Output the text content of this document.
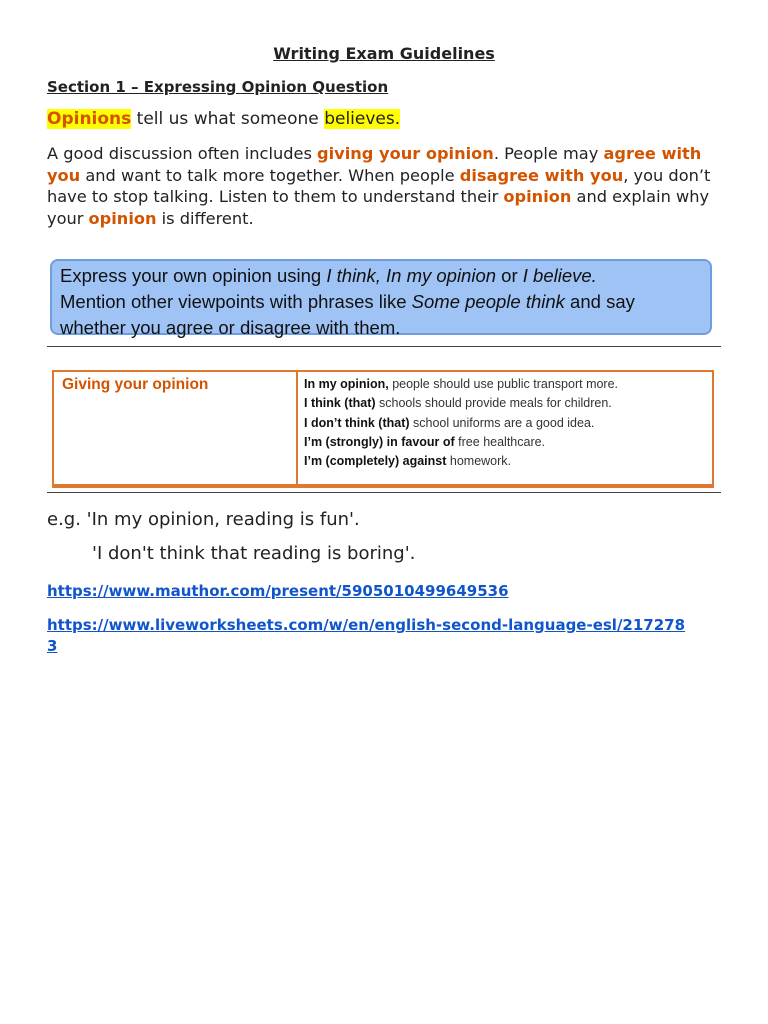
Writing Exam Guidelines
Section 1 – Expressing Opinion Question

Opinions tell us what someone believes.

A good discussion often includes giving your opinion. People may agree with you and want to talk more together. When people disagree with you, you don’t have to stop talking. Listen to them to understand their opinion and explain why your opinion is different.

Express your own opinion using I think, In my opinion or I believe.
Mention other viewpoints with phrases like Some people think and say whether you agree or disagree with them.
Giving your opinion	In my opinion, people should use public transport more.
I think (that) schools should provide meals for children.
I don’t think (that) school uniforms are a good idea.
I’m (strongly) in favour of free healthcare.
I’m (completely) against homework.

e.g. 'In my opinion, reading is fun'.

'I don't think that reading is boring'.

https://www.mauthor.com/present/5905010499649536
https://www.liveworksheets.com/w/en/english-second-language-esl/2172783
